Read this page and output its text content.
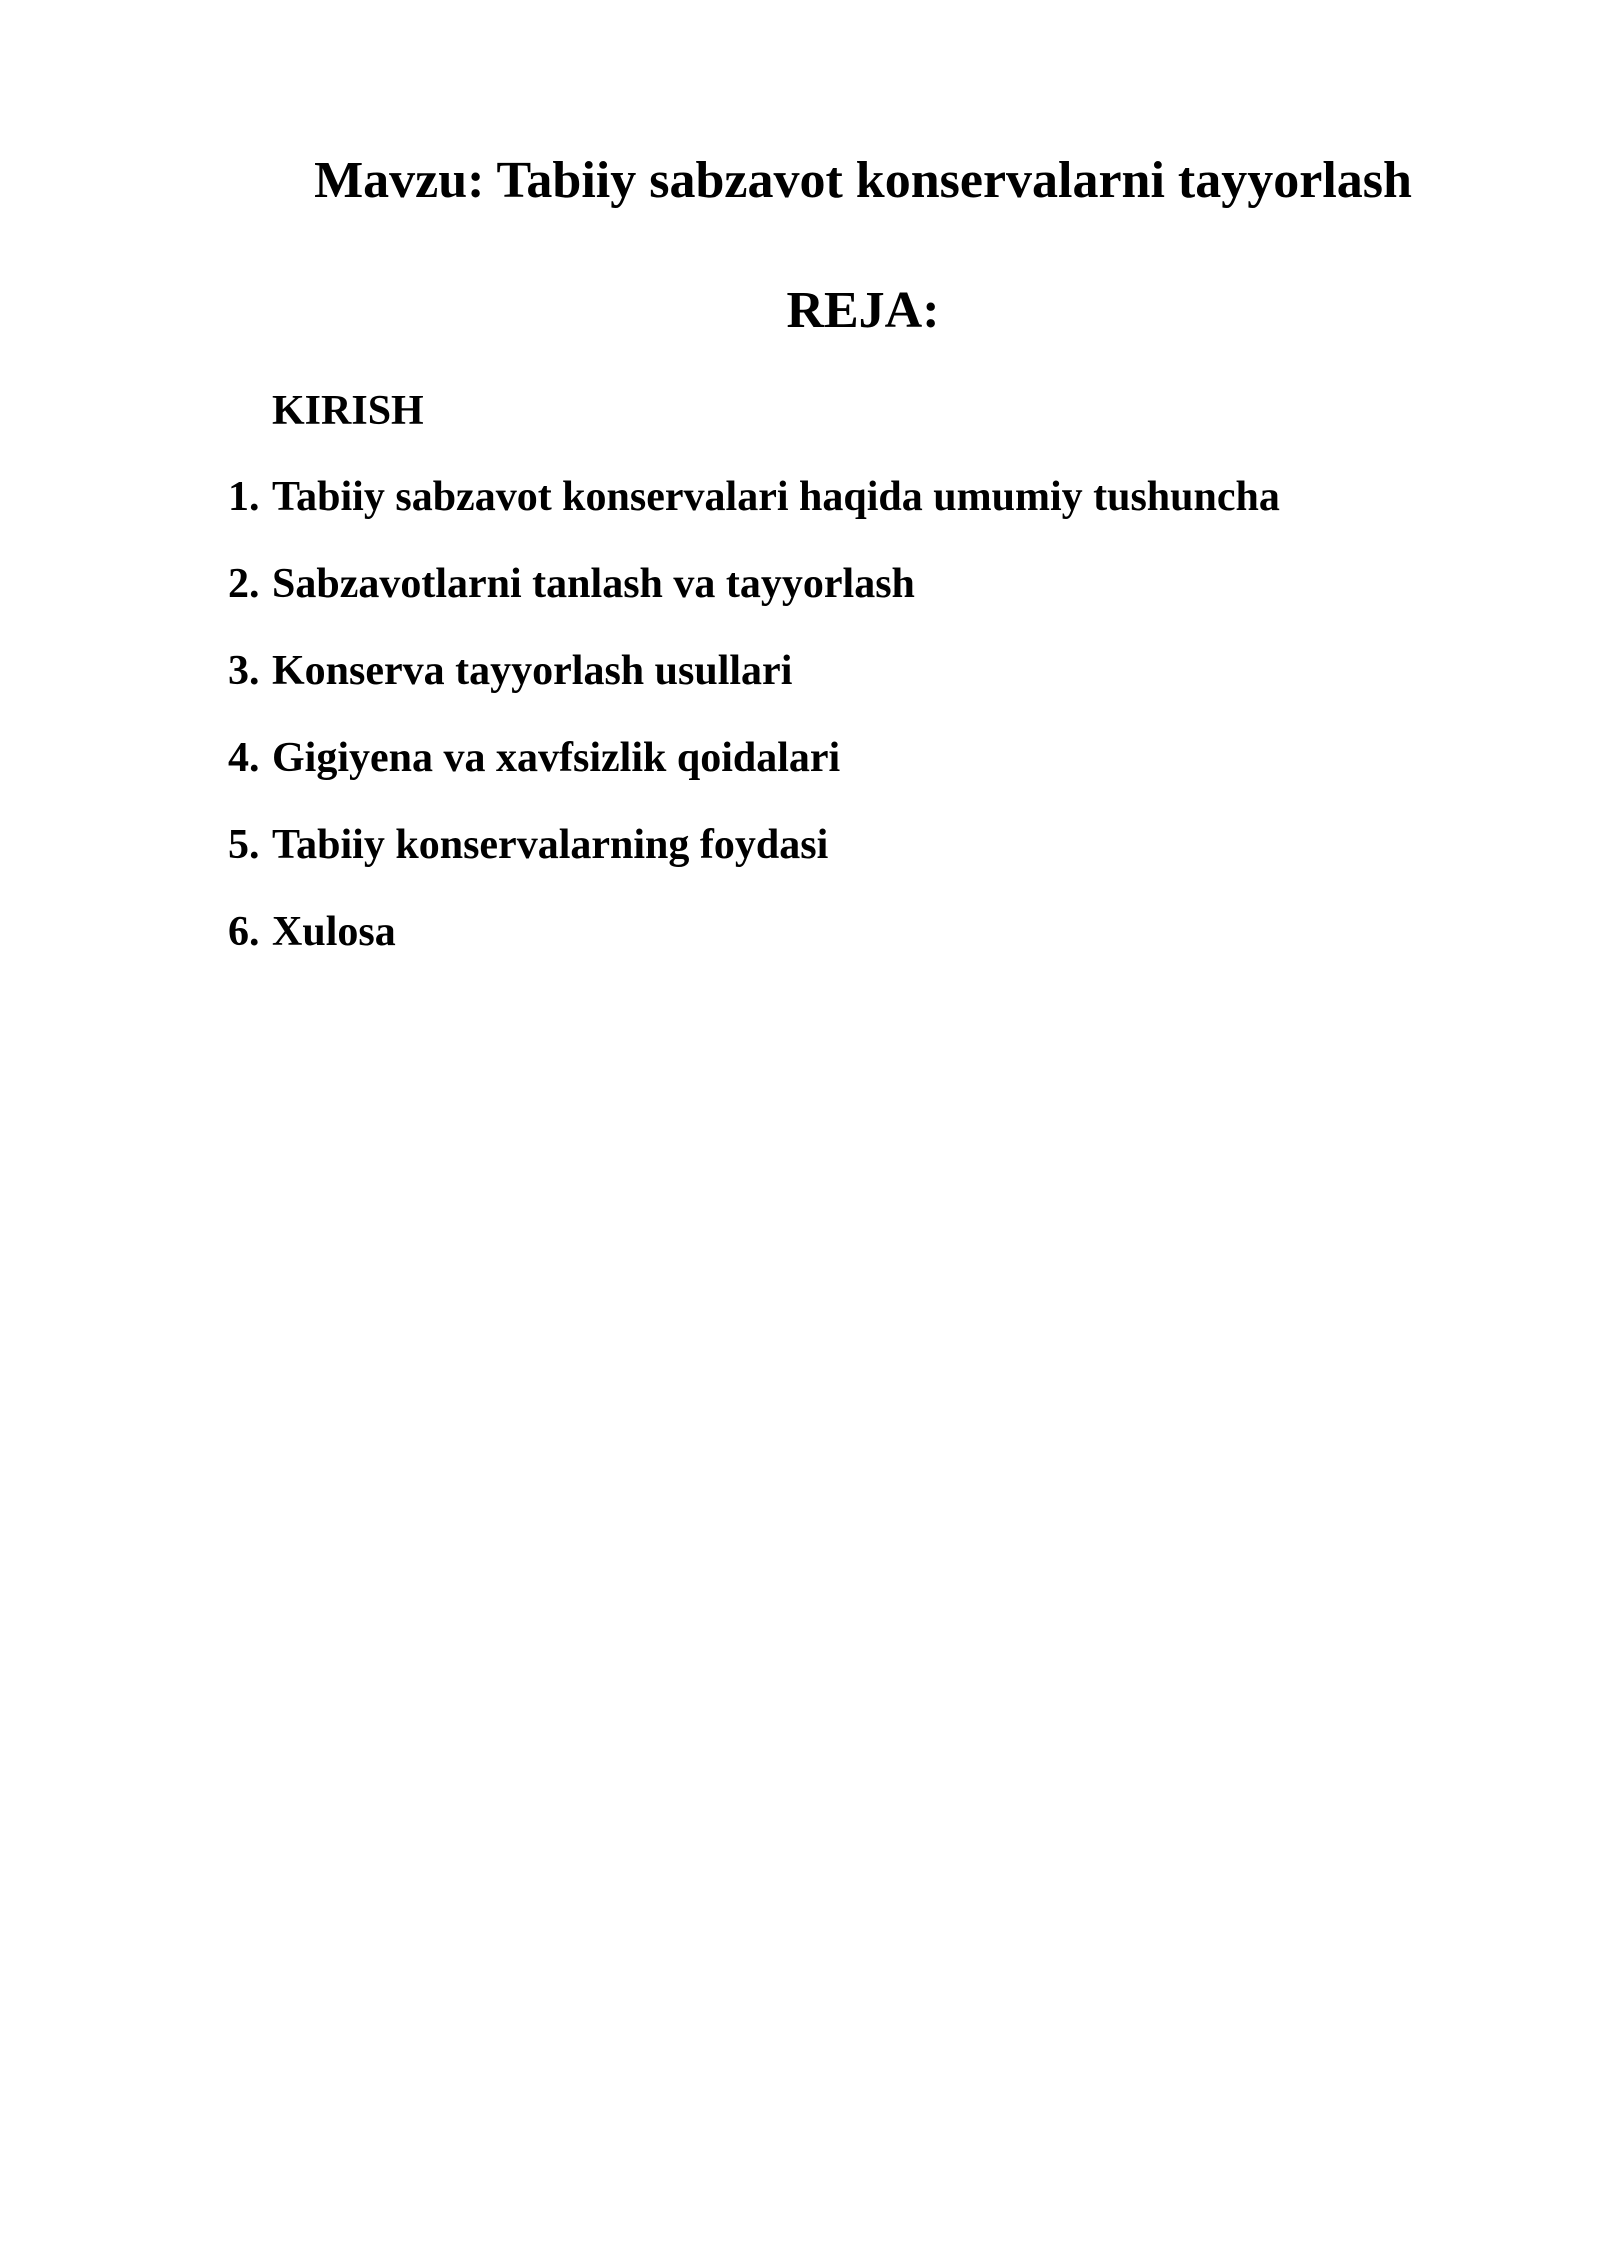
Mavzu: Tabiiy sabzavot konservalarni tayyorlash
REJA:

KIRISH

1. Tabiiy sabzavot konservalari haqida umumiy tushuncha
2. Sabzavotlarni tanlash va tayyorlash
3. Konserva tayyorlash usullari
4. Gigiyena va xavfsizlik qoidalari
5. Tabiiy konservalarning foydasi
6. Xulosa
